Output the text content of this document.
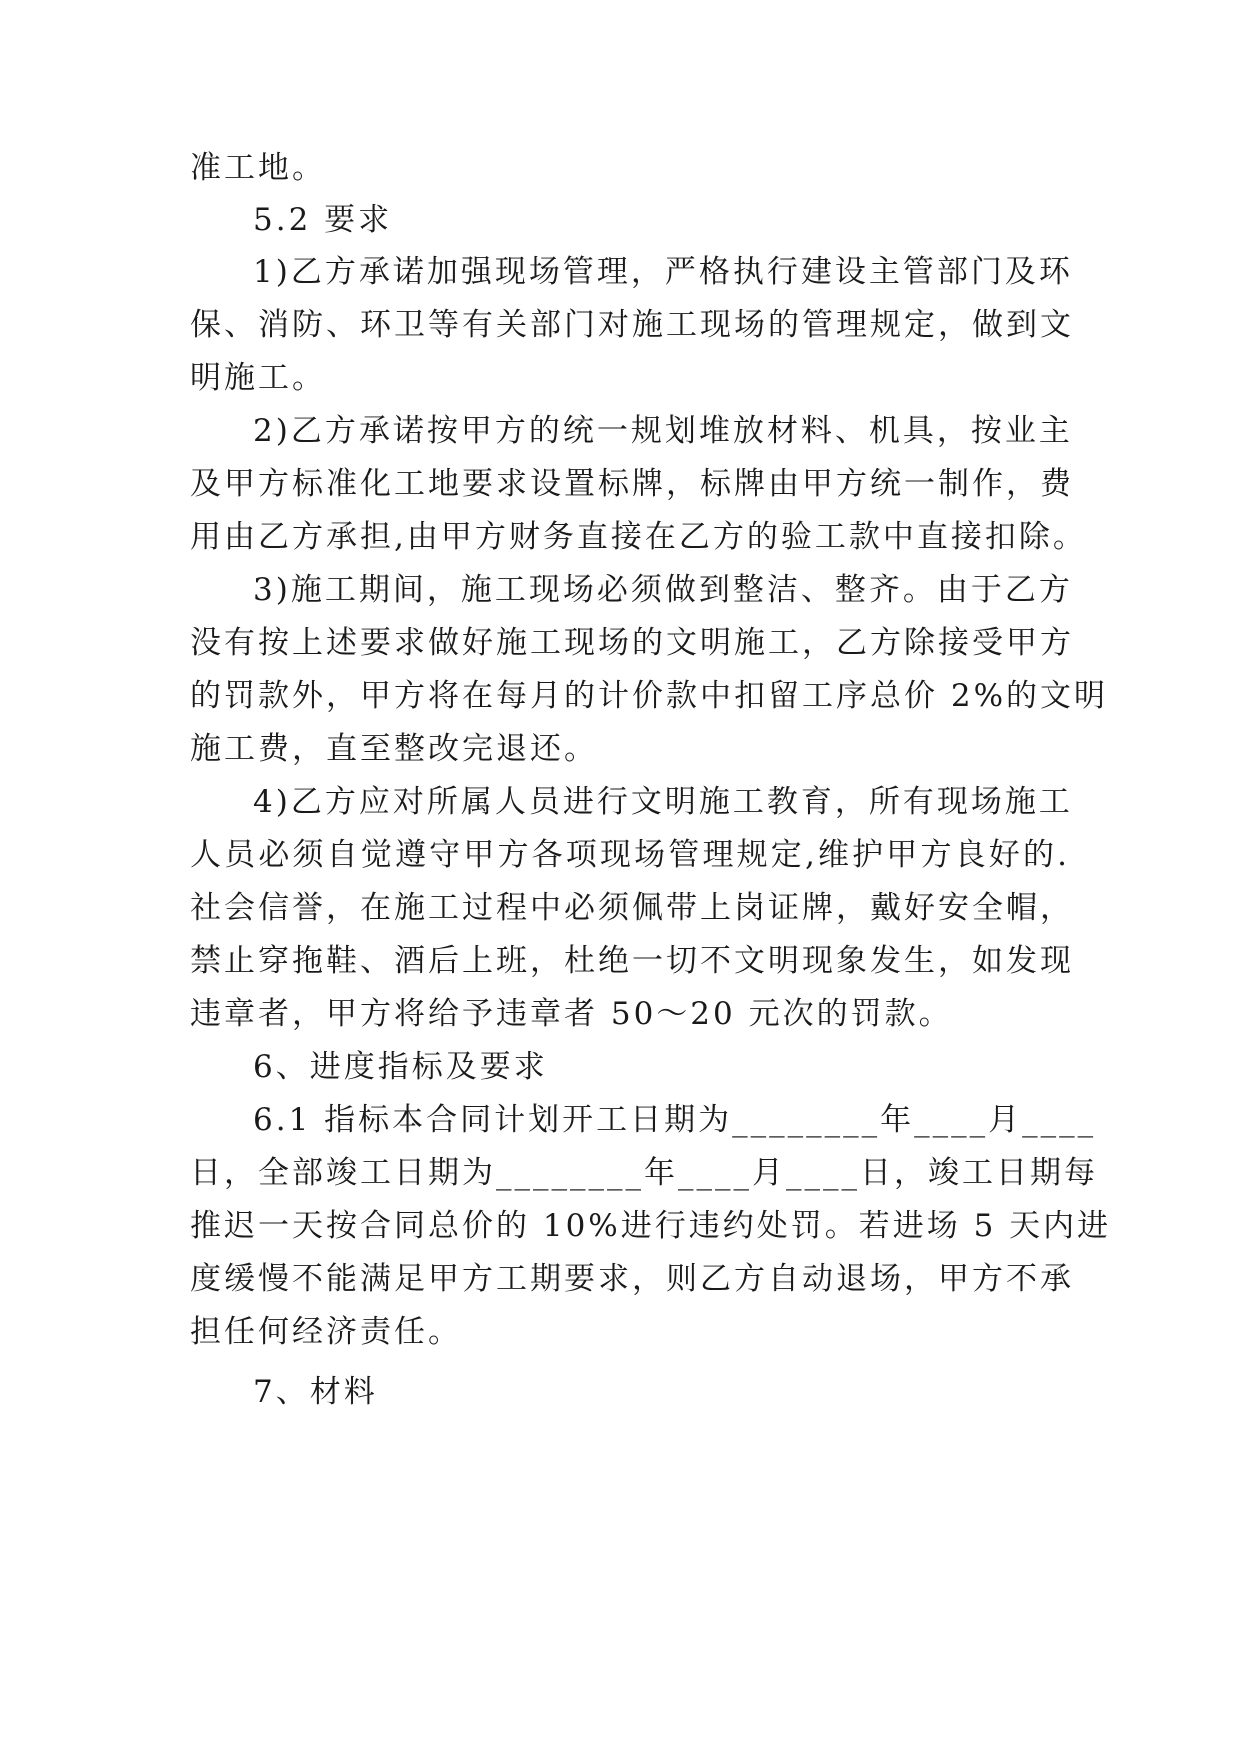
准工地。
5.2 要求
1)乙方承诺加强现场管理，严格执行建设主管部门及环
保、消防、环卫等有关部门对施工现场的管理规定，做到文
明施工。
2)乙方承诺按甲方的统一规划堆放材料、机具，按业主
及甲方标准化工地要求设置标牌，标牌由甲方统一制作，费
用由乙方承担,由甲方财务直接在乙方的验工款中直接扣除。
3)施工期间，施工现场必须做到整洁、整齐。由于乙方
没有按上述要求做好施工现场的文明施工，乙方除接受甲方
的罚款外，甲方将在每月的计价款中扣留工序总价 2%的文明
施工费，直至整改完退还。
4)乙方应对所属人员进行文明施工教育，所有现场施工
人员必须自觉遵守甲方各项现场管理规定,维护甲方良好的.
社会信誉，在施工过程中必须佩带上岗证牌，戴好安全帽，
禁止穿拖鞋、酒后上班，杜绝一切不文明现象发生，如发现
违章者，甲方将给予违章者 50～20 元次的罚款。
6、进度指标及要求
6.1 指标本合同计划开工日期为________年____月____
日，全部竣工日期为________年____月____日，竣工日期每
推迟一天按合同总价的 10%进行违约处罚。若进场 5 天内进
度缓慢不能满足甲方工期要求，则乙方自动退场，甲方不承
担任何经济责任。
7、材料
